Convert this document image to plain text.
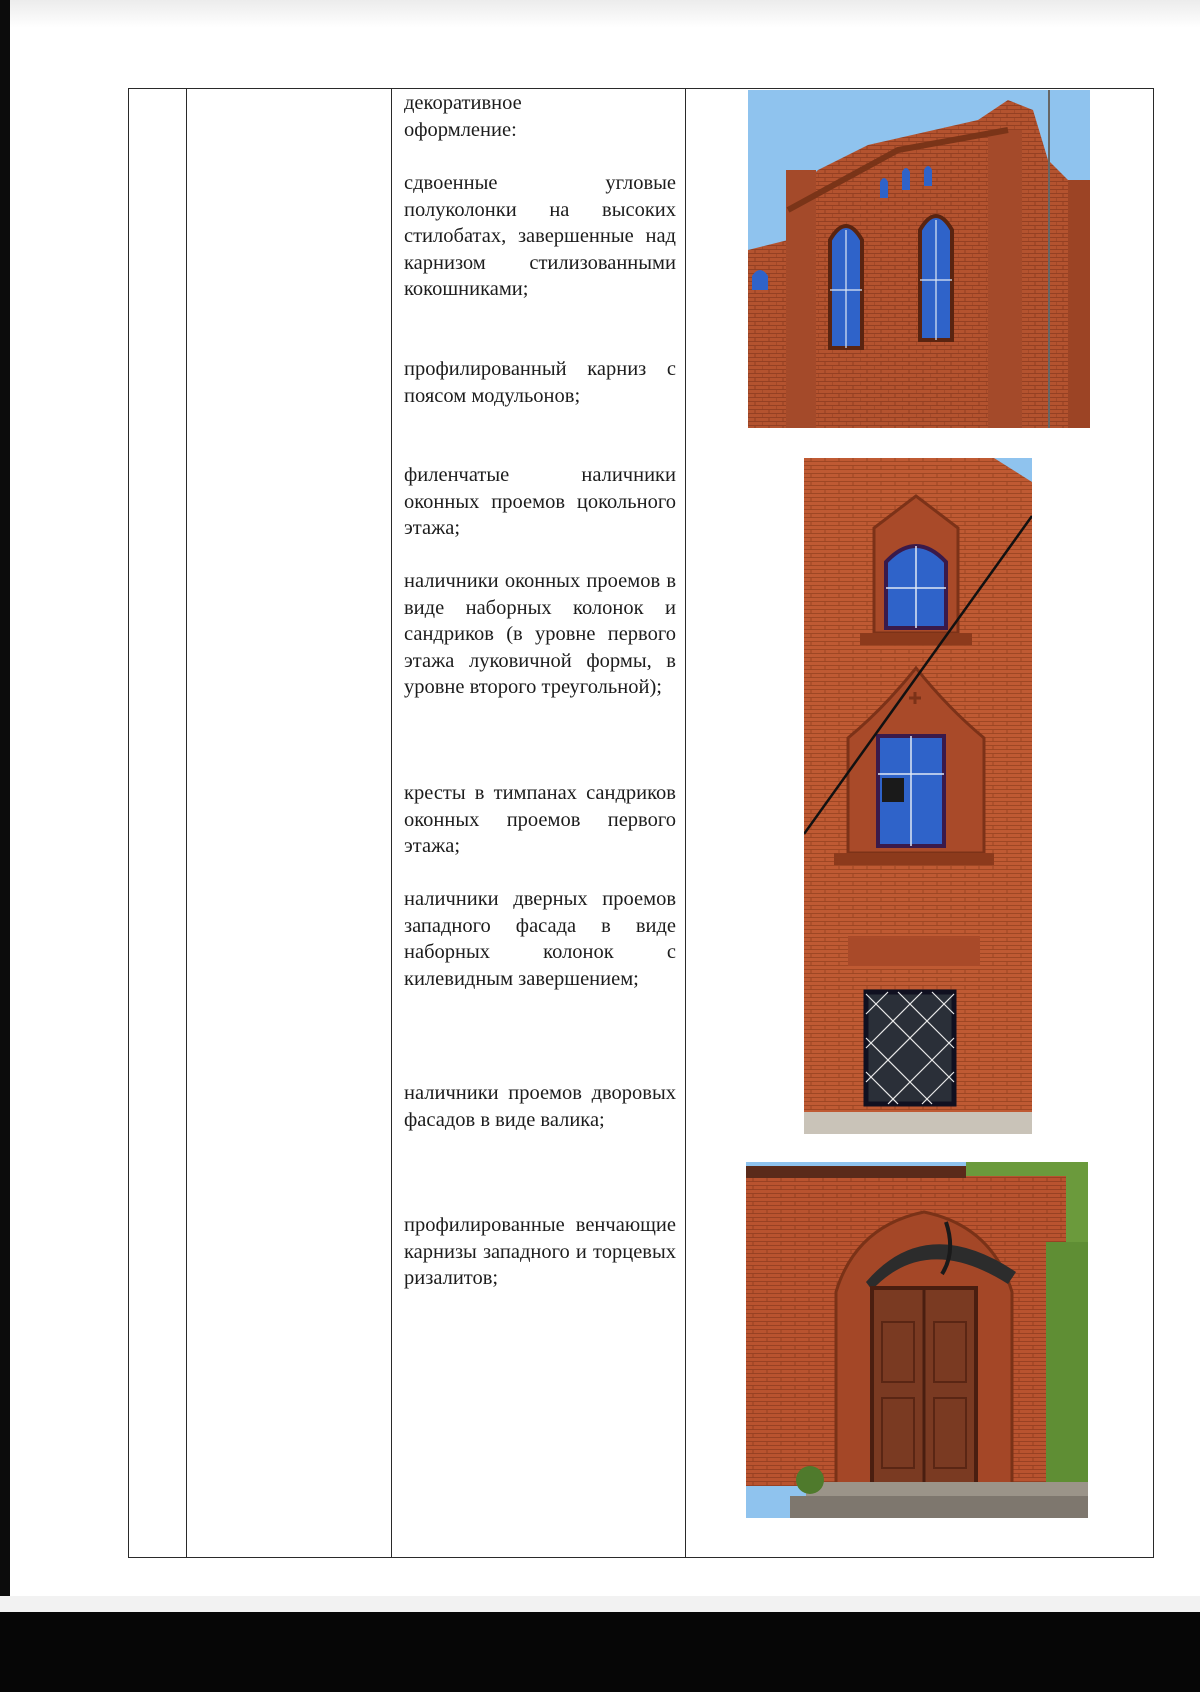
декоративное оформление:

сдвоенные угловые полуколонки на высоких стилобатах, завершенные над карнизом стилизованными кокошниками;

профилированный карниз с поясом модульонов;

филенчатые наличники оконных проемов цокольного этажа;

наличники оконных проемов в виде наборных колонок и сандриков (в уровне первого этажа луковичной формы, в уровне второго треугольной);

кресты в тимпанах сандриков оконных проемов первого этажа;

наличники дверных проемов западного фасада в виде наборных колонок с килевидным завершением;

наличники проемов дворовых фасадов в виде валика;

профилированные венчающие карнизы западного и торцевых ризалитов;
